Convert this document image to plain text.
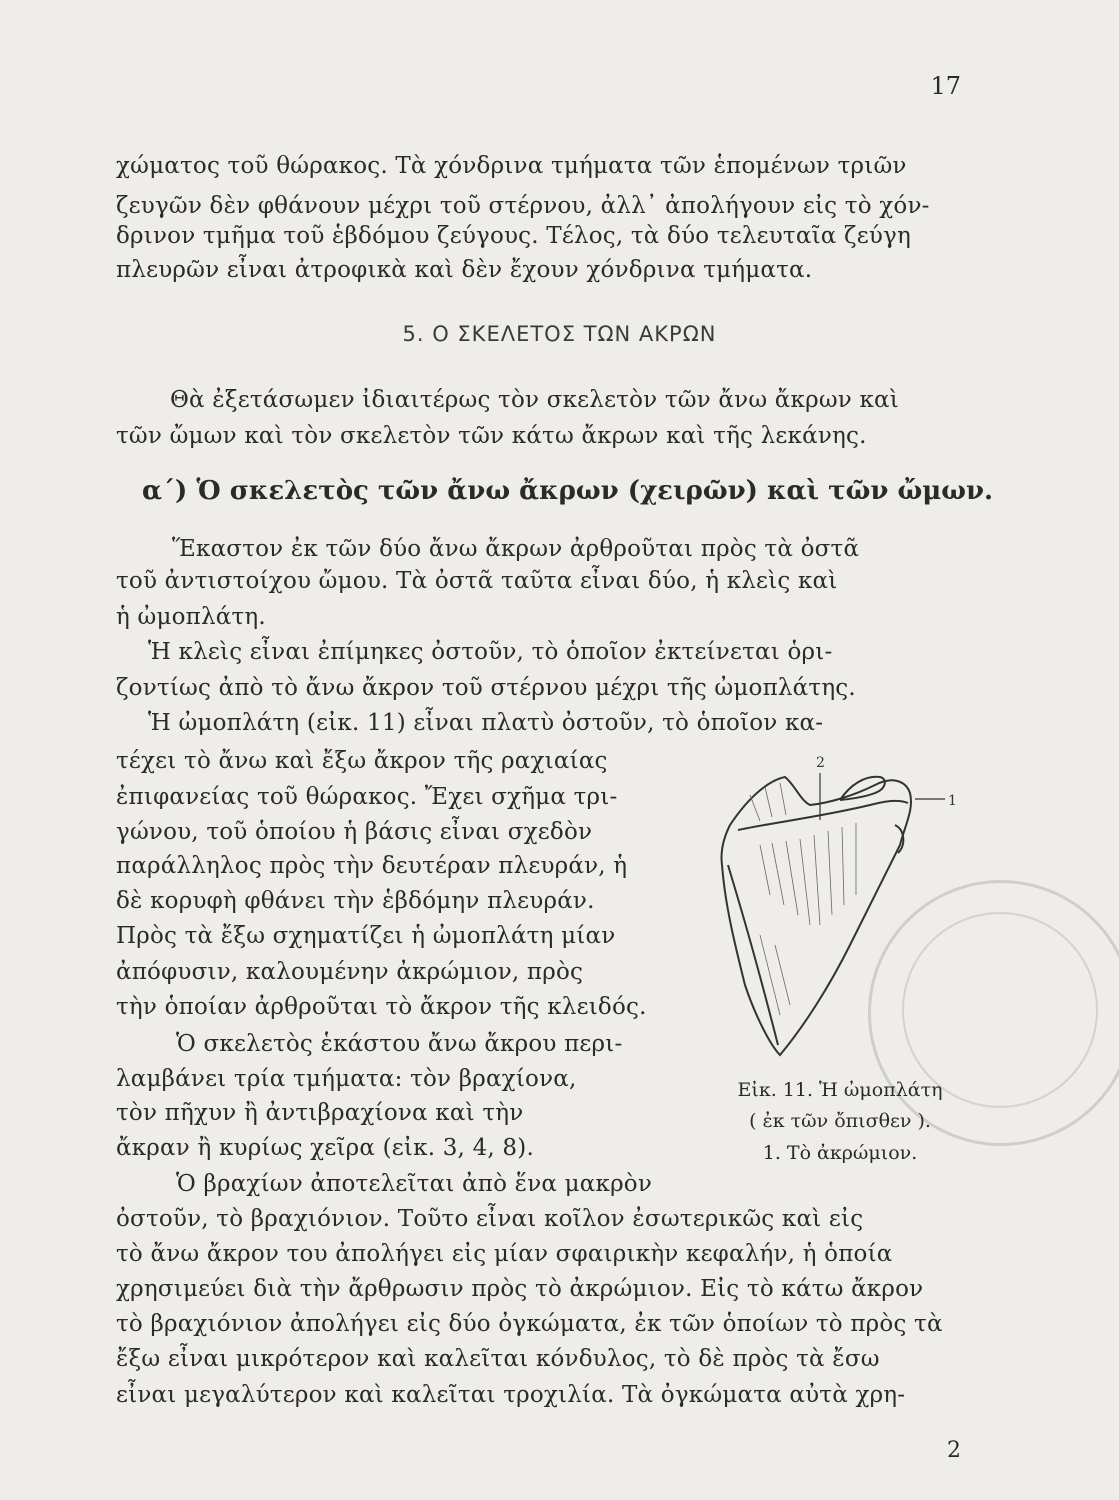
17
χώματος τοῦ θώρακος. Τὰ χόνδρινα τμήματα τῶν ἑπομένων τριῶν
ζευγῶν δὲν φθάνουν μέχρι τοῦ στέρνου, ἀλλ᾽ ἀπολήγουν εἰς τὸ χόν-
δρινον τμῆμα τοῦ ἑβδόμου ζεύγους. Τέλος, τὰ δύο τελευταῖα ζεύγη
πλευρῶν εἶναι ἀτροφικὰ καὶ δὲν ἔχουν χόνδρινα τμήματα.
5. Ο ΣΚΕΛΕΤΟΣ ΤΩΝ ΑΚΡΩΝ
Θὰ ἐξετάσωμεν ἰδιαιτέρως τὸν σκελετὸν τῶν ἄνω ἄκρων καὶ
τῶν ὤμων καὶ τὸν σκελετὸν τῶν κάτω ἄκρων καὶ τῆς λεκάνης.
α΄) Ὁ σκελετὸς τῶν ἄνω ἄκρων (χειρῶν) καὶ τῶν ὤμων.
Ἕκαστον ἐκ τῶν δύο ἄνω ἄκρων ἀρθροῦται πρὸς τὰ ὀστᾶ
τοῦ ἀντιστοίχου ὤμου. Τὰ ὀστᾶ ταῦτα εἶναι δύο, ἡ κλεὶς καὶ
ἡ ὠμοπλάτη.
Ἡ κλεὶς εἶναι ἐπίμηκες ὀστοῦν, τὸ ὁποῖον ἐκτείνεται ὁρι-
ζοντίως ἀπὸ τὸ ἄνω ἄκρον τοῦ στέρνου μέχρι τῆς ὠμοπλάτης.
Ἡ ὠμοπλάτη (εἰκ. 11) εἶναι πλατὺ ὀστοῦν, τὸ ὁποῖον κα-
τέχει τὸ ἄνω καὶ ἔξω ἄκρον τῆς ραχιαίας
ἐπιφανείας τοῦ θώρακος. Ἔχει σχῆμα τρι-
γώνου, τοῦ ὁποίου ἡ βάσις εἶναι σχεδὸν
παράλληλος πρὸς τὴν δευτέραν πλευράν, ἡ
δὲ κορυφὴ φθάνει τὴν ἑβδόμην πλευράν.
Πρὸς τὰ ἔξω σχηματίζει ἡ ὠμοπλάτη μίαν
ἀπόφυσιν, καλουμένην ἀκρώμιον, πρὸς
τὴν ὁποίαν ἀρθροῦται τὸ ἄκρον τῆς κλειδός.
Ὁ σκελετὸς ἑκάστου ἄνω ἄκρου περι-
λαμβάνει τρία τμήματα: τὸν βραχίονα,
τὸν πῆχυν ἢ ἀντιβραχίονα καὶ τὴν
ἄκραν ἢ κυρίως χεῖρα (εἰκ. 3, 4, 8).
Ὁ βραχίων ἀποτελεῖται ἀπὸ ἕνα μακρὸν
ὀστοῦν, τὸ βραχιόνιον. Τοῦτο εἶναι κοῖλον ἐσωτερικῶς καὶ εἰς
τὸ ἄνω ἄκρον του ἀπολήγει εἰς μίαν σφαιρικὴν κεφαλήν, ἡ ὁποία
χρησιμεύει διὰ τὴν ἄρθρωσιν πρὸς τὸ ἀκρώμιον. Εἰς τὸ κάτω ἄκρον
τὸ βραχιόνιον ἀπολήγει εἰς δύο ὀγκώματα, ἐκ τῶν ὁποίων τὸ πρὸς τὰ
ἔξω εἶναι μικρότερον καὶ καλεῖται κόνδυλος, τὸ δὲ πρὸς τὰ ἔσω
εἶναι μεγαλύτερον καὶ καλεῖται τροχιλία. Τὰ ὀγκώματα αὐτὰ χρη-
2
1
Εἰκ. 11. Ἡ ὠμοπλάτη
( ἐκ τῶν ὄπισθεν ).
1. Τὸ ἀκρώμιον.
2
